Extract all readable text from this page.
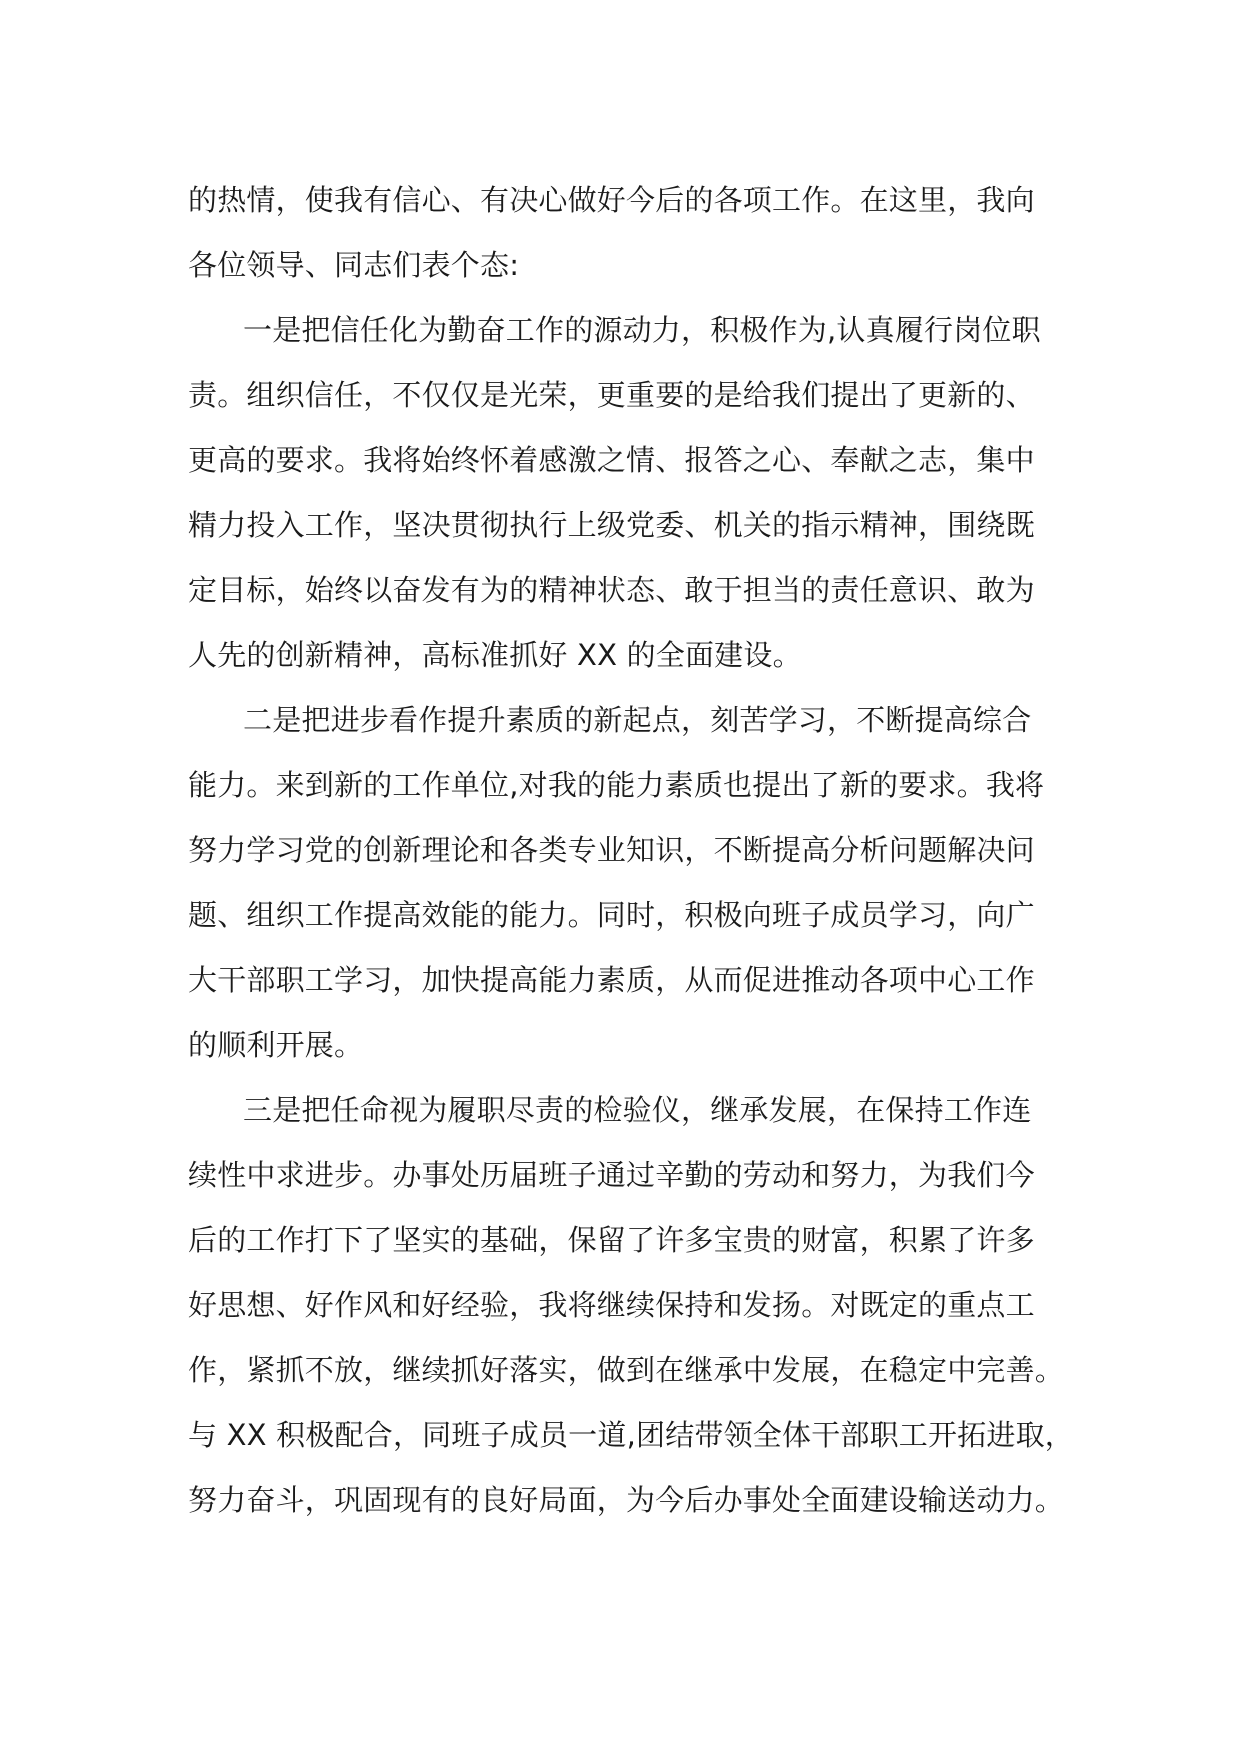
的热情，使我有信心、有决心做好今后的各项工作。在这里，我向
各位领导、同志们表个态:
一是把信任化为勤奋工作的源动力，积极作为,认真履行岗位职
责。组织信任，不仅仅是光荣，更重要的是给我们提出了更新的、
更高的要求。我将始终怀着感激之情、报答之心、奉献之志，集中
精力投入工作，坚决贯彻执行上级党委、机关的指示精神，围绕既
定目标，始终以奋发有为的精神状态、敢于担当的责任意识、敢为
人先的创新精神，高标准抓好 XX 的全面建设。
二是把进步看作提升素质的新起点，刻苦学习，不断提高综合
能力。来到新的工作单位,对我的能力素质也提出了新的要求。我将
努力学习党的创新理论和各类专业知识，不断提高分析问题解决问
题、组织工作提高效能的能力。同时，积极向班子成员学习，向广
大干部职工学习，加快提高能力素质，从而促进推动各项中心工作
的顺利开展。
三是把任命视为履职尽责的检验仪，继承发展，在保持工作连
续性中求进步。办事处历届班子通过辛勤的劳动和努力，为我们今
后的工作打下了坚实的基础，保留了许多宝贵的财富，积累了许多
好思想、好作风和好经验，我将继续保持和发扬。对既定的重点工
作，紧抓不放，继续抓好落实，做到在继承中发展，在稳定中完善。
与 XX 积极配合，同班子成员一道,团结带领全体干部职工开拓进取，
努力奋斗，巩固现有的良好局面，为今后办事处全面建设输送动力。
